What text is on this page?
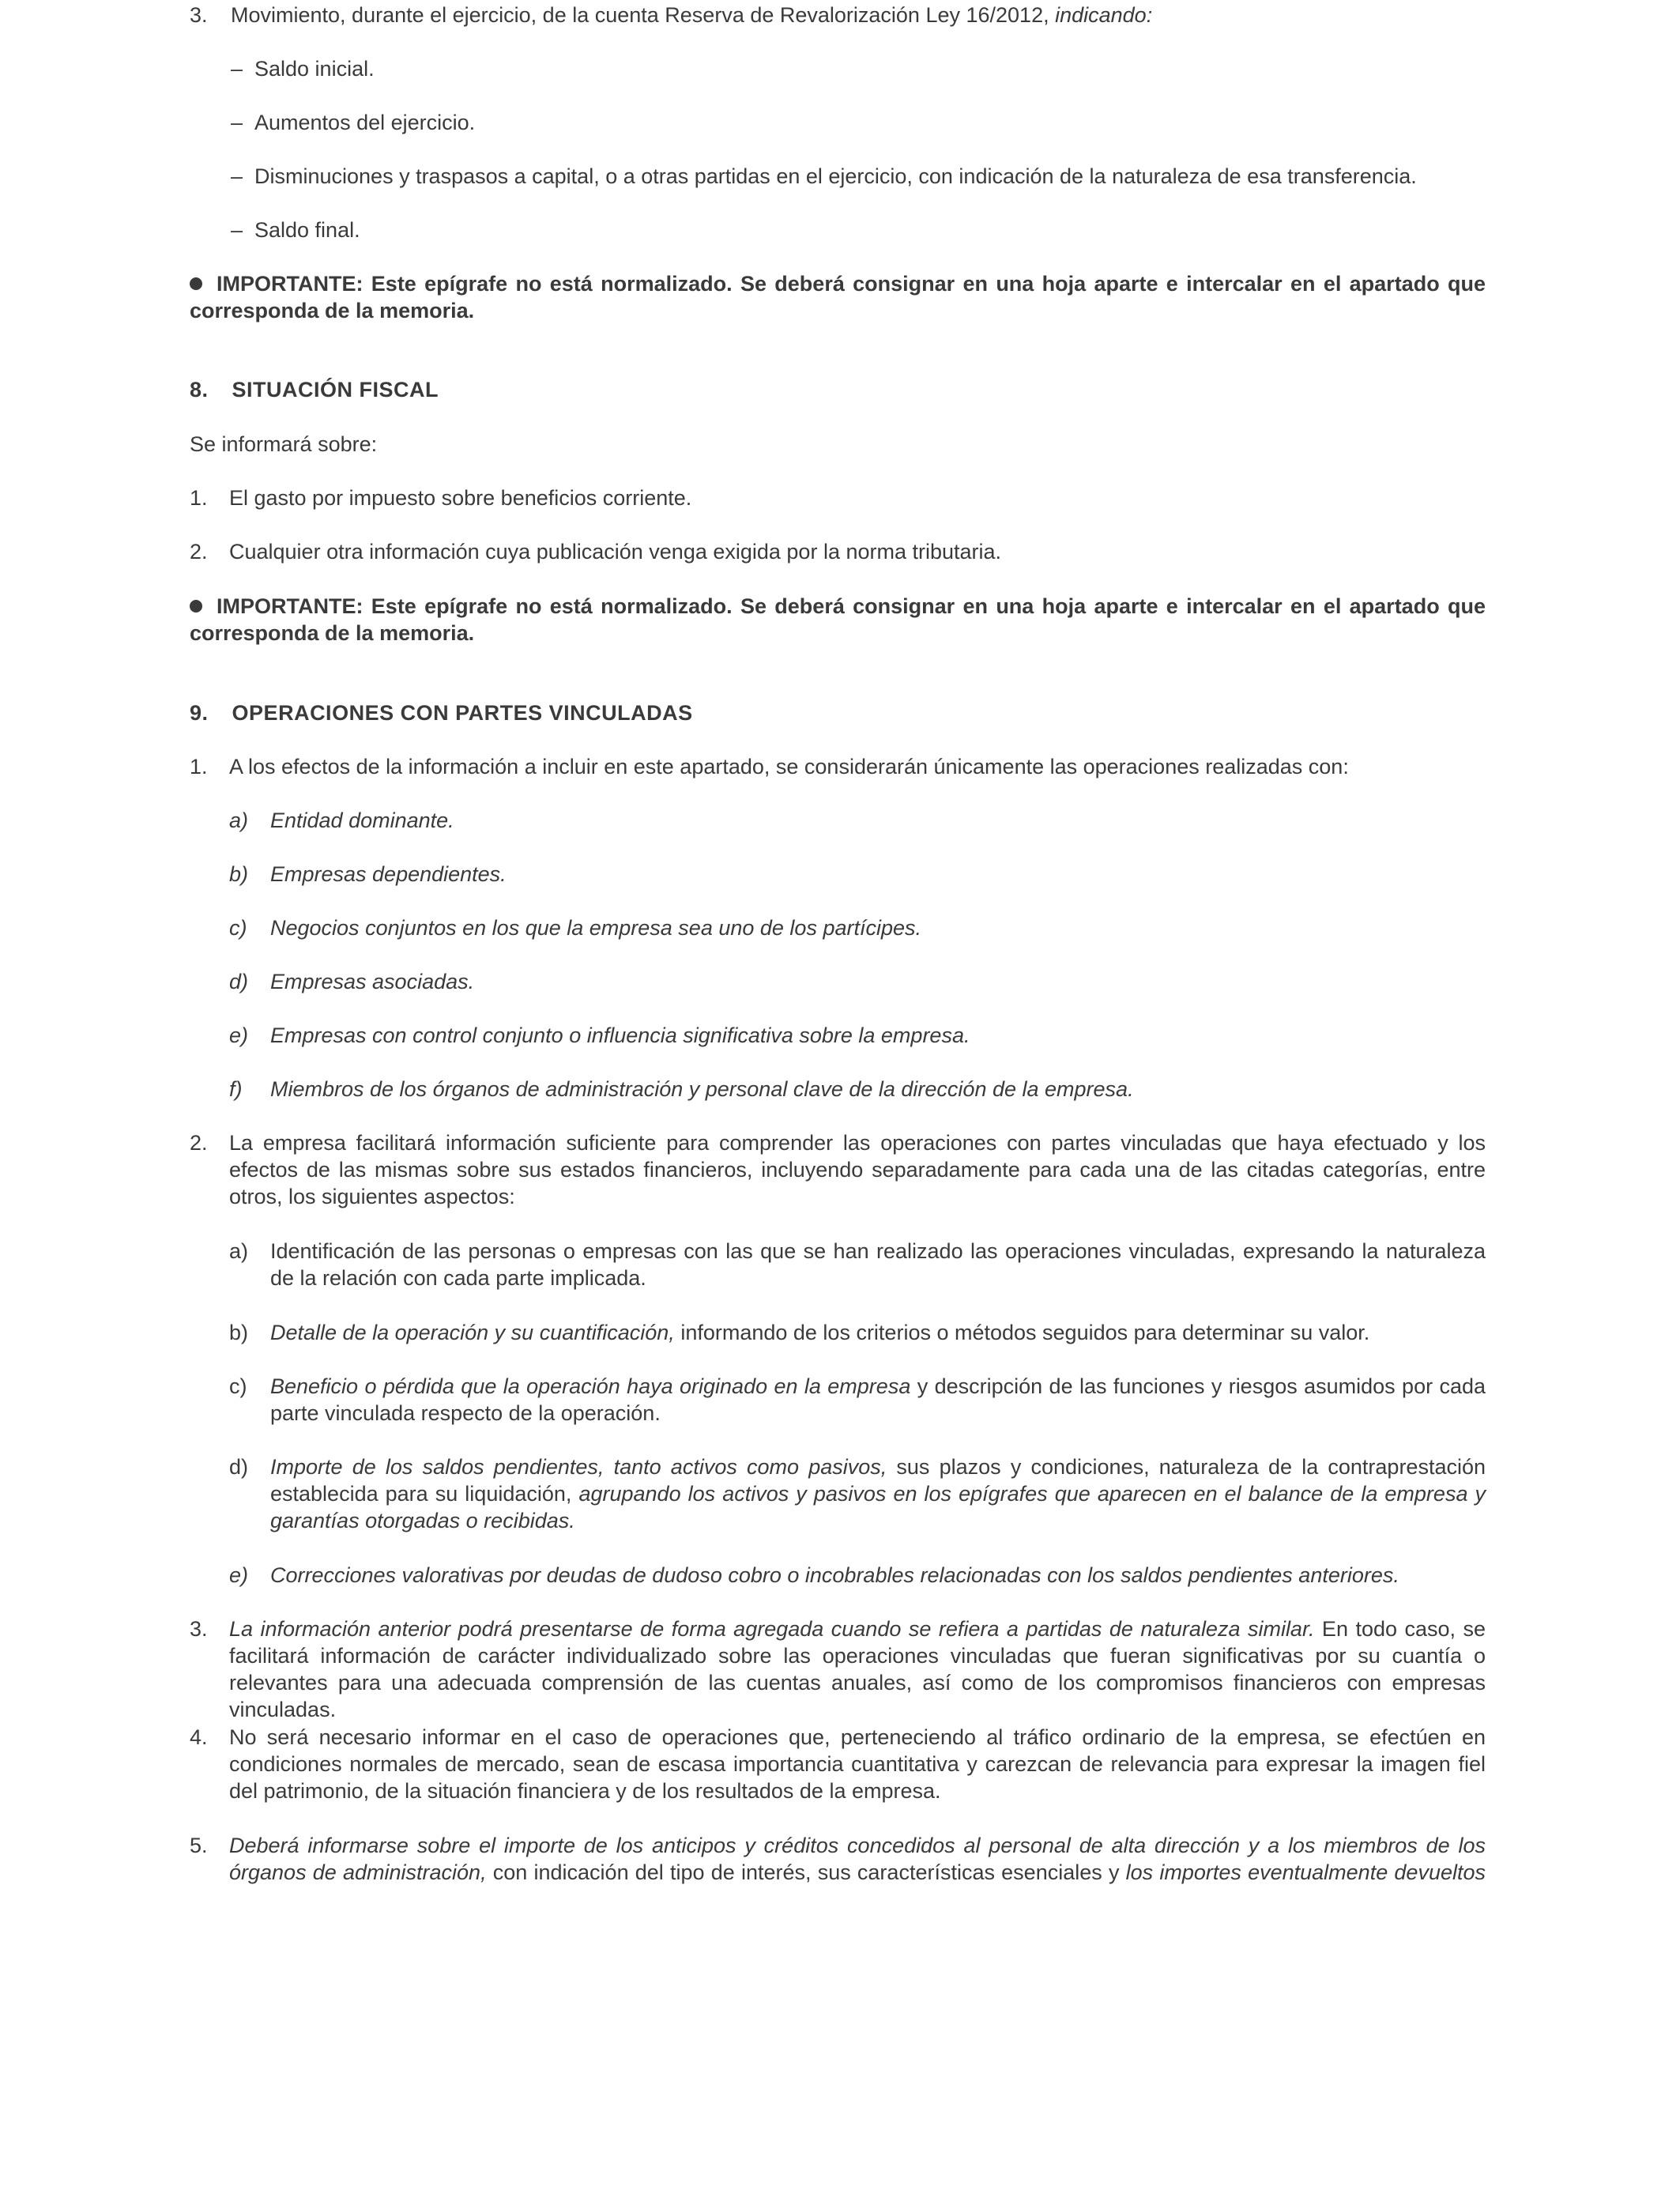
3. Movimiento, durante el ejercicio, de la cuenta Reserva de Revalorización Ley 16/2012, indicando:
– Saldo inicial.
– Aumentos del ejercicio.
– Disminuciones y traspasos a capital, o a otras partidas en el ejercicio, con indicación de la naturaleza de esa transferencia.
– Saldo final.
IMPORTANTE: Este epígrafe no está normalizado. Se deberá consignar en una hoja aparte e intercalar en el apartado que corresponda de la memoria.
8. SITUACIÓN FISCAL
Se informará sobre:
1. El gasto por impuesto sobre beneficios corriente.
2. Cualquier otra información cuya publicación venga exigida por la norma tributaria.
IMPORTANTE: Este epígrafe no está normalizado. Se deberá consignar en una hoja aparte e intercalar en el apartado que corresponda de la memoria.
9. OPERACIONES CON PARTES VINCULADAS
1. A los efectos de la información a incluir en este apartado, se considerarán únicamente las operaciones realizadas con:
a) Entidad dominante.
b) Empresas dependientes.
c) Negocios conjuntos en los que la empresa sea uno de los partícipes.
d) Empresas asociadas.
e) Empresas con control conjunto o influencia significativa sobre la empresa.
f) Miembros de los órganos de administración y personal clave de la dirección de la empresa.
2. La empresa facilitará información suficiente para comprender las operaciones con partes vinculadas que haya efectuado y los efectos de las mismas sobre sus estados financieros, incluyendo separadamente para cada una de las citadas categorías, entre otros, los siguientes aspectos:
a) Identificación de las personas o empresas con las que se han realizado las operaciones vinculadas, expresando la naturaleza de la relación con cada parte implicada.
b) Detalle de la operación y su cuantificación, informando de los criterios o métodos seguidos para determinar su valor.
c) Beneficio o pérdida que la operación haya originado en la empresa y descripción de las funciones y riesgos asumidos por cada parte vinculada respecto de la operación.
d) Importe de los saldos pendientes, tanto activos como pasivos, sus plazos y condiciones, naturaleza de la contraprestación establecida para su liquidación, agrupando los activos y pasivos en los epígrafes que aparecen en el balance de la empresa y garantías otorgadas o recibidas.
e) Correcciones valorativas por deudas de dudoso cobro o incobrables relacionadas con los saldos pendientes anteriores.
3. La información anterior podrá presentarse de forma agregada cuando se refiera a partidas de naturaleza similar. En todo caso, se facilitará información de carácter individualizado sobre las operaciones vinculadas que fueran significativas por su cuantía o relevantes para una adecuada comprensión de las cuentas anuales, así como de los compromisos financieros con empresas vinculadas.
4. No será necesario informar en el caso de operaciones que, perteneciendo al tráfico ordinario de la empresa, se efectúen en condiciones normales de mercado, sean de escasa importancia cuantitativa y carezcan de relevancia para expresar la imagen fiel del patrimonio, de la situación financiera y de los resultados de la empresa.
5. Deberá informarse sobre el importe de los anticipos y créditos concedidos al personal de alta dirección y a los miembros de los órganos de administración, con indicación del tipo de interés, sus características esenciales y los importes eventualmente devueltos
